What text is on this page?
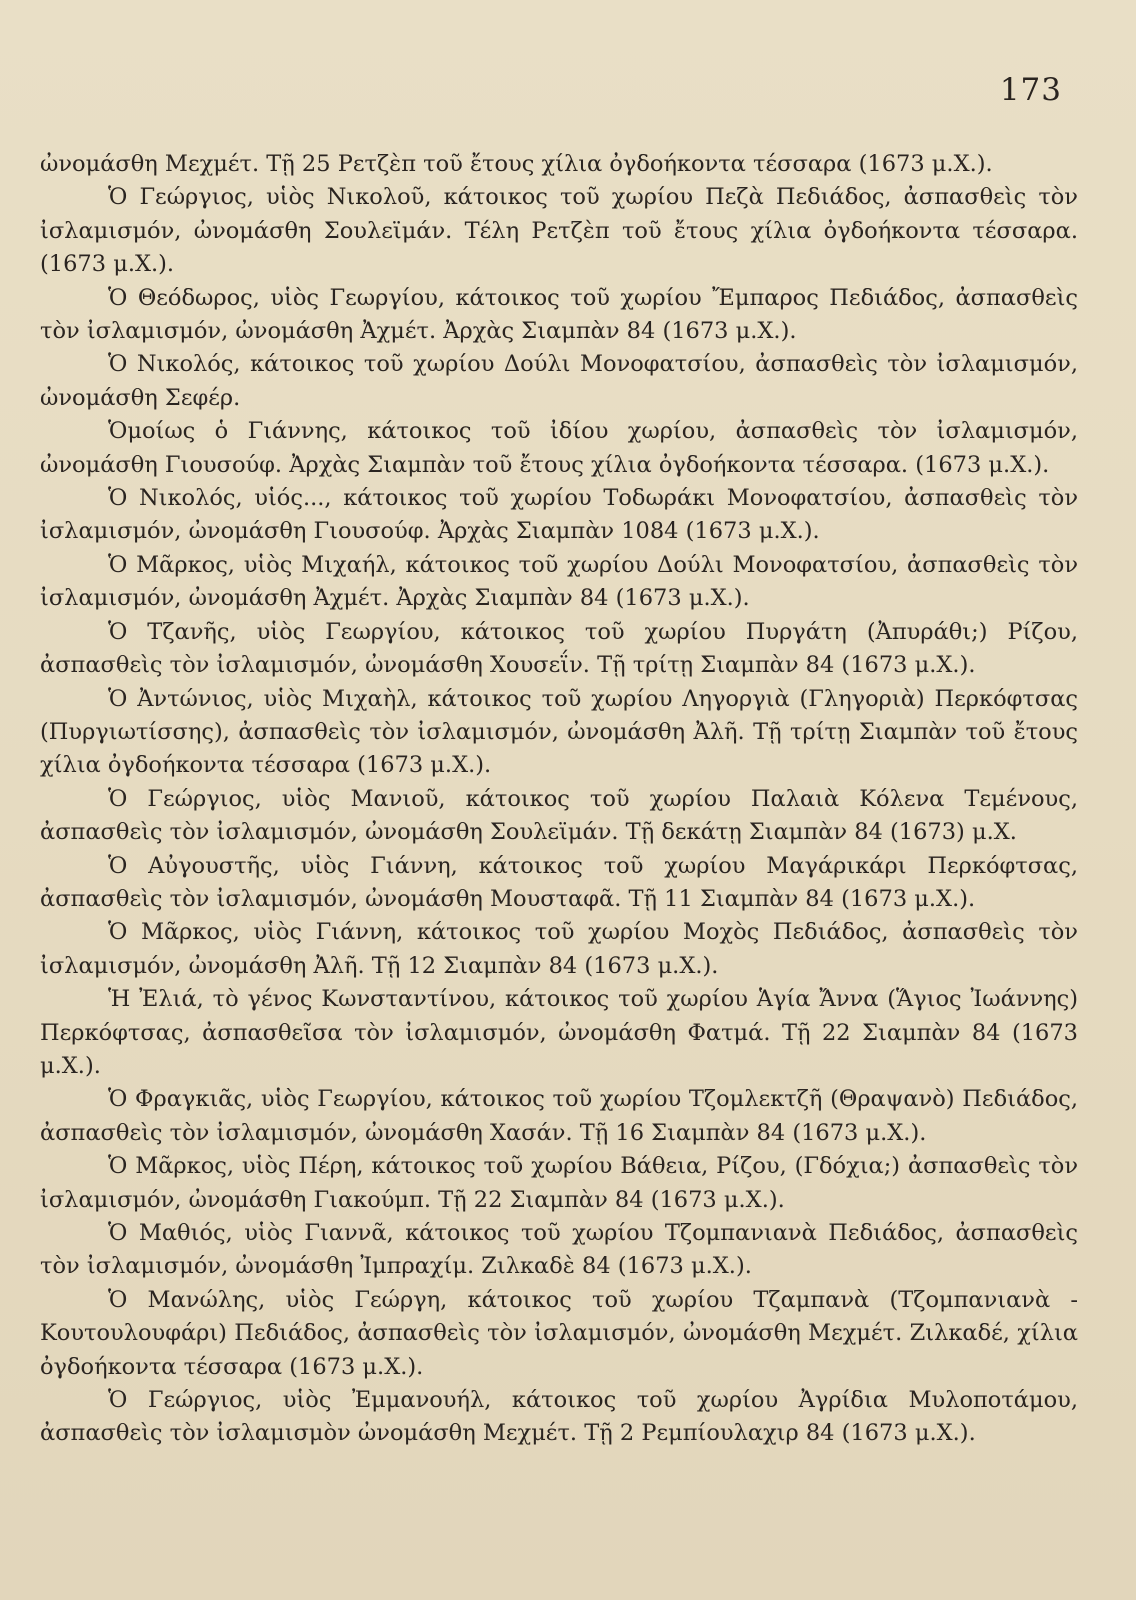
173

ὠνομάσθη Μεχμέτ. Τῇ 25 Ρετζὲπ τοῦ ἔτους χίλια ὀγδοήκοντα τέσσαρα (1673 μ.Χ.).

Ὁ Γεώργιος, υἱὸς Νικολοῦ, κάτοικος τοῦ χωρίου Πεζὰ Πεδιάδος, ἀσπασθεὶς τὸν ἰσλαμισμόν, ὠνομάσθη Σουλεϊμάν. Τέλη Ρετζὲπ τοῦ ἔτους χίλια ὀγδοήκοντα τέσσαρα. (1673 μ.Χ.).

Ὁ Θεόδωρος, υἱὸς Γεωργίου, κάτοικος τοῦ χωρίου Ἔμπαρος Πεδιάδος, ἀσπασθεὶς τὸν ἰσλαμισμόν, ὠνομάσθη Ἀχμέτ. Ἀρχὰς Σιαμπὰν 84 (1673 μ.Χ.).

Ὁ Νικολός, κάτοικος τοῦ χωρίου Δούλι Μονοφατσίου, ἀσπασθεὶς τὸν ἰσλαμισμόν, ὠνομάσθη Σεφέρ.

Ὁμοίως ὁ Γιάννης, κάτοικος τοῦ ἰδίου χωρίου, ἀσπασθεὶς τὸν ἰσλαμισμόν, ὠνομάσθη Γιουσούφ. Ἀρχὰς Σιαμπὰν τοῦ ἔτους χίλια ὀγδοήκοντα τέσσαρα. (1673 μ.Χ.).

Ὁ Νικολός, υἱός..., κάτοικος τοῦ χωρίου Τοδωράκι Μονοφατσίου, ἀσπασθεὶς τὸν ἰσλαμισμόν, ὠνομάσθη Γιουσούφ. Ἀρχὰς Σιαμπὰν 1084 (1673 μ.Χ.).

Ὁ Μᾶρκος, υἱὸς Μιχαήλ, κάτοικος τοῦ χωρίου Δούλι Μονοφατσίου, ἀσπασθεὶς τὸν ἰσλαμισμόν, ὠνομάσθη Ἀχμέτ. Ἀρχὰς Σιαμπὰν 84 (1673 μ.Χ.).

Ὁ Τζανῆς, υἱὸς Γεωργίου, κάτοικος τοῦ χωρίου Πυργάτη (Ἀπυράθι;) Ρίζου, ἀσπασθεὶς τὸν ἰσλαμισμόν, ὠνομάσθη Χουσεΐν. Τῇ τρίτῃ Σιαμπὰν 84 (1673 μ.Χ.).

Ὁ Ἀντώνιος, υἱὸς Μιχαὴλ, κάτοικος τοῦ χωρίου Ληγοργιὰ (Γληγοριὰ) Περκόφτσας (Πυργιωτίσσης), ἀσπασθεὶς τὸν ἰσλαμισμόν, ὠνομάσθη Ἀλῆ. Τῇ τρίτῃ Σιαμπὰν τοῦ ἔτους χίλια ὀγδοήκοντα τέσσαρα (1673 μ.Χ.).

Ὁ Γεώργιος, υἱὸς Μανιοῦ, κάτοικος τοῦ χωρίου Παλαιὰ Κόλενα Τεμένους, ἀσπασθεὶς τὸν ἰσλαμισμόν, ὠνομάσθη Σουλεϊμάν. Τῇ δεκάτῃ Σιαμπὰν 84 (1673) μ.Χ.

Ὁ Αὐγουστῆς, υἱὸς Γιάννη, κάτοικος τοῦ χωρίου Μαγάρικάρι Περκόφτσας, ἀσπασθεὶς τὸν ἰσλαμισμόν, ὠνομάσθη Μουσταφᾶ. Τῇ 11 Σιαμπὰν 84 (1673 μ.Χ.).

Ὁ Μᾶρκος, υἱὸς Γιάννη, κάτοικος τοῦ χωρίου Μοχὸς Πεδιάδος, ἀσπασθεὶς τὸν ἰσλαμισμόν, ὠνομάσθη Ἀλῆ. Τῇ 12 Σιαμπὰν 84 (1673 μ.Χ.).

Ἡ Ἐλιά, τὸ γένος Κωνσταντίνου, κάτοικος τοῦ χωρίου Ἁγία Ἄννα (Ἅγιος Ἰωάννης) Περκόφτσας, ἀσπασθεῖσα τὸν ἰσλαμισμόν, ὠνομάσθη Φατμά. Τῇ 22 Σιαμπὰν 84 (1673 μ.Χ.).

Ὁ Φραγκιᾶς, υἱὸς Γεωργίου, κάτοικος τοῦ χωρίου Τζομλεκτζῆ (Θραψανὸ) Πεδιάδος, ἀσπασθεὶς τὸν ἰσλαμισμόν, ὠνομάσθη Χασάν. Τῇ 16 Σιαμπὰν 84 (1673 μ.Χ.).

Ὁ Μᾶρκος, υἱὸς Πέρη, κάτοικος τοῦ χωρίου Βάθεια, Ρίζου, (Γδόχια;) ἀσπασθεὶς τὸν ἰσλαμισμόν, ὠνομάσθη Γιακούμπ. Τῇ 22 Σιαμπὰν 84 (1673 μ.Χ.).

Ὁ Μαθιός, υἱὸς Γιαννᾶ, κάτοικος τοῦ χωρίου Τζομπανιανὰ Πεδιάδος, ἀσπασθεὶς τὸν ἰσλαμισμόν, ὠνομάσθη Ἰμπραχίμ. Ζιλκαδὲ 84 (1673 μ.Χ.).

Ὁ Μανώλης, υἱὸς Γεώργη, κάτοικος τοῦ χωρίου Τζαμπανὰ (Τζομπανιανὰ - Κουτουλουφάρι) Πεδιάδος, ἀσπασθεὶς τὸν ἰσλαμισμόν, ὠνομάσθη Μεχμέτ. Ζιλκαδέ, χίλια ὀγδοήκοντα τέσσαρα (1673 μ.Χ.).

Ὁ Γεώργιος, υἱὸς Ἐμμανουήλ, κάτοικος τοῦ χωρίου Ἀγρίδια Μυλοποτάμου, ἀσπασθεὶς τὸν ἰσλαμισμὸν ὠνομάσθη Μεχμέτ. Τῇ 2 Ρεμπίουλαχιρ 84 (1673 μ.Χ.).
